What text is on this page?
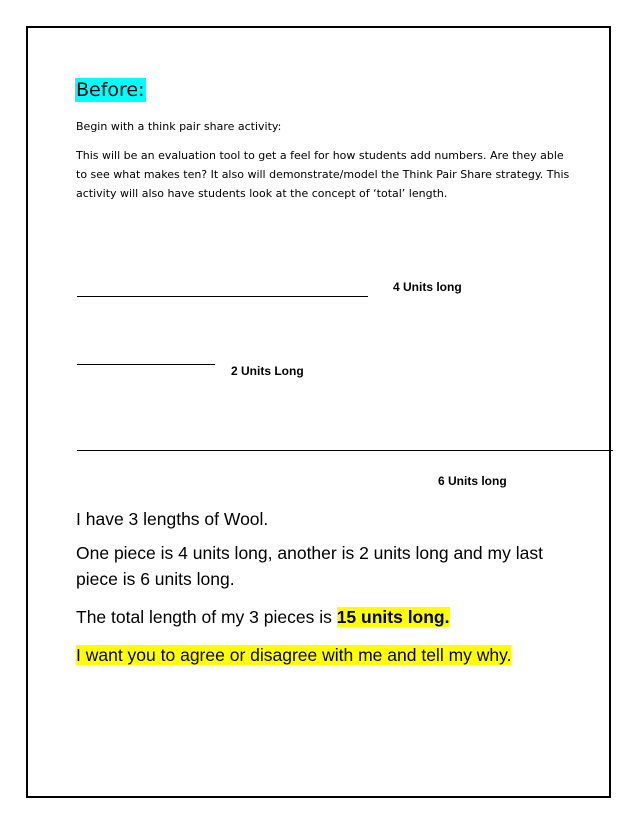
Before:
Begin with a think pair share activity:
This will be an evaluation tool to get a feel for how students add numbers. Are they able to see what makes ten? It also will demonstrate/model the Think Pair Share strategy. This activity will also have students look at the concept of ‘total’ length.
4 Units long
2 Units Long
6 Units long
I have 3 lengths of Wool.
One piece is 4 units long, another is 2 units long and my last piece is 6 units long.
The total length of my 3 pieces is 15 units long.
I want you to agree or disagree with me and tell my why.
